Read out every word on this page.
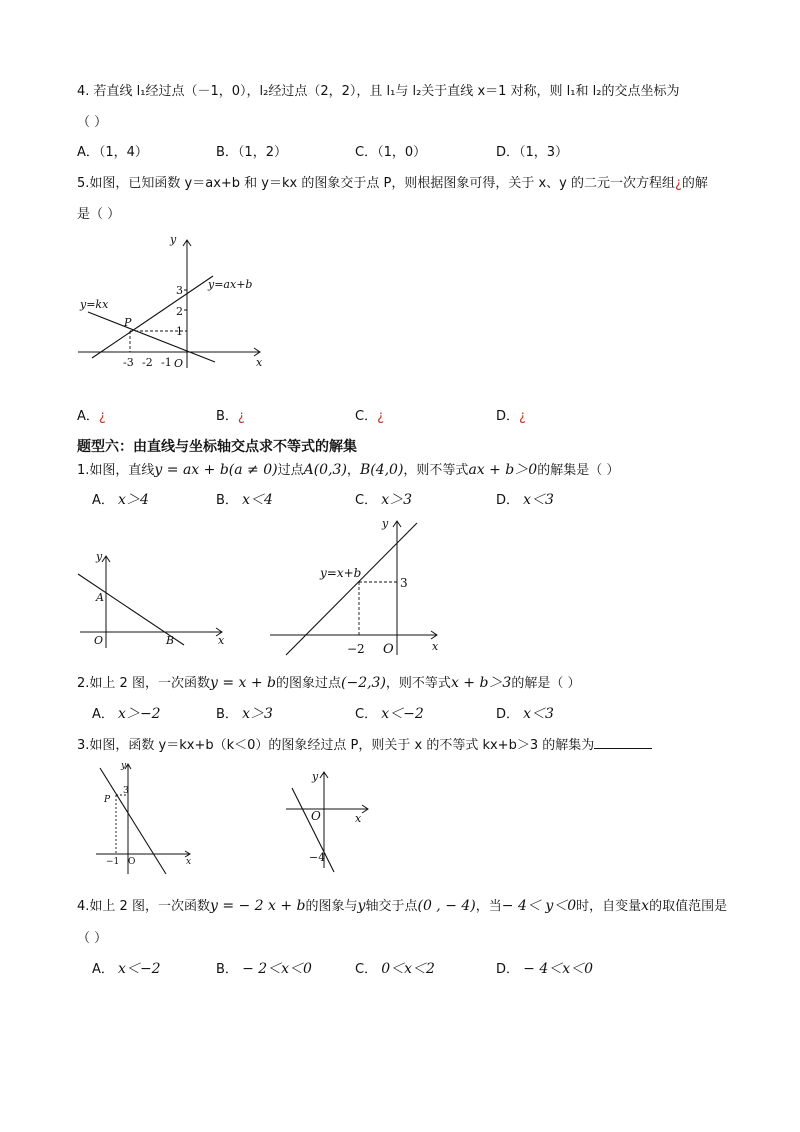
4. 若直线 l₁经过点（－1，0），l₂经过点（2，2），且 l₁与 l₂关于直线 x＝1 对称，则 l₁和 l₂的交点坐标为
（ ）
A．（1，4）	B．（1，2）	C．（1，0）	D．（1，3）
5.如图，已知函数 y＝ax+b 和 y＝kx 的图象交于点 P，则根据图象可得，关于 x、y 的二元一次方程组¿的解
是（ ）
y
x
O
3
2
1
-3 -2 -1
P
y=ax+b
y=kx
A．¿	B．¿	C．¿	D．¿
题型六：由直线与坐标轴交点求不等式的解集
1.如图，直线y = ax + b(a ≠ 0)过点A(0,3)，B(4,0)，则不等式ax + b＞0的解集是（ ）
A． x＞4	B． x＜4	C． x＞3	D． x＜3
y
x
O
A
B
y
x
O
y=x+b
3
−2
2.如上 2 图，一次函数y = x + b的图象过点(−2,3)，则不等式x + b＞3的解是（ ）
A． x＞−2	B． x＞3	C． x＜−2	D． x＜3
3.如图，函数 y＝kx+b（k＜0）的图象经过点 P，则关于 x 的不等式 kx+b＞3 的解集为
y
x
P
3
−1 O
y
x
O
−4
4.如上 2 图，一次函数y = − 2 x + b的图象与y轴交于点(0 , − 4)，当− 4＜ y＜0时，自变量x的取值范围是
（ ）
A． x＜−2	B． − 2＜x＜0	C． 0＜x＜2	D． − 4＜x＜0
